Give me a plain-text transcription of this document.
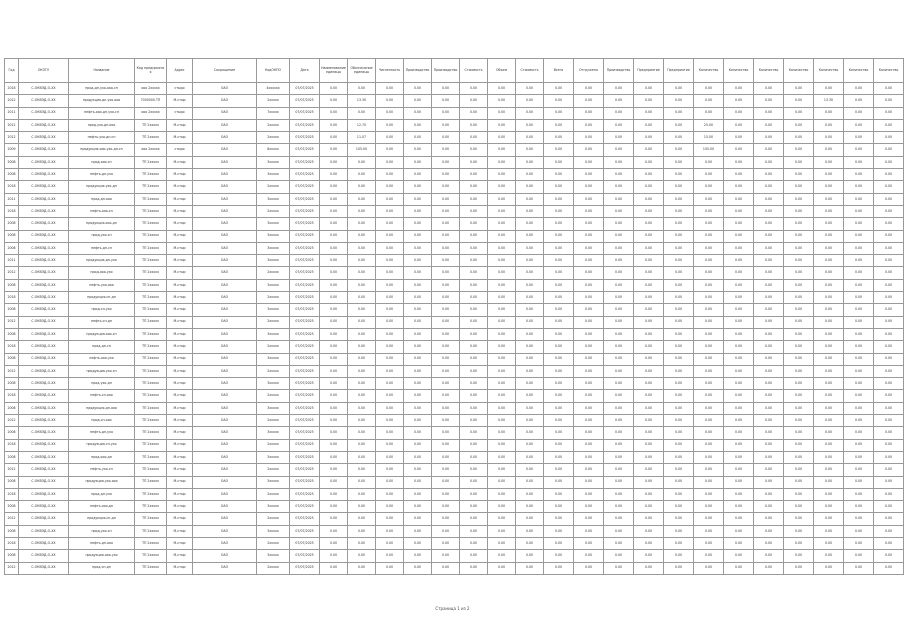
Год	ОКОГУ	Название	Код предприятия	Адрес	Сокращение	КодОКПО	Дата	Наименование единицы	Обозначение единицы	Численность	Производство	Производство	Стоимость	Объем	Стоимость	Всего	Отгружено	Производство	Предприятие	Предприятие	Количество	Количество	Количество	Количество	Количество	Количество	Количество
2018	С-ОКВЭД-О-ХХ	прод-дн-ухо-ооо-сп	ооо 2ххххх	стыро	ОАО	4хххххх	07/07/2025	0.00	0.00	0.00	0.00	0.00	0.00	0.00	0.00	0.00	0.00	0.00	0.00	0.00	0.00	0.00	0.00	0.00	0.00	0.00	0.00
2012	С-ОКВЭД-О-ХХ	продукция-дн-ухо-ооо	7000000-ТП	М-стыр	ОАО	2ххххх	07/07/2025	0.00	13.30	0.00	0.00	0.00	0.00	0.00	0.00	0.00	0.00	0.00	0.00	0.00	0.00	0.00	0.00	0.00	13.30	0.00	0.00
2011	С-ОКВЭД-О-ХХ	нефть-ооо-дн-ухо-сп	ооо 2ххххх	стыро	ОАО	7ххххх	07/07/2025	0.00	0.00	0.00	0.00	0.00	0.00	0.00	0.00	0.00	0.00	0.00	0.00	0.00	0.00	0.00	0.00	0.00	0.00	0.00	0.00
2012	С-ОКВЭД-О-ХХ	прод-ухо-дн-ооо	ТП 2ххххх	М-стыр	ОАО	2ххххх	07/07/2025	0.00	12.70	0.00	0.00	0.00	0.00	0.00	0.00	0.00	0.00	0.00	0.00	0.00	25.00	0.00	0.00	0.00	0.00	0.00	0.00
2012	С-ОКВЭД-О-ХХ	нефть-ухо-дн-сп	ТП 2ххххх	М-стыр	ОАО	2ххххх	07/07/2025	0.00	11.07	0.00	0.00	0.00	0.00	0.00	0.00	0.00	0.00	0.00	0.00	0.00	15.00	0.00	0.00	0.00	0.00	0.00	0.00
2009	С-ОКВЭД-О-ХХ	продукция-ооо-ухо-дн-сп	ооо 2ххххх	стыро	ОАО	8ххххх	07/07/2025	0.00	105.00	0.00	0.00	0.00	0.00	0.00	0.00	0.00	0.00	0.00	0.00	0.00	105.00	0.00	0.00	0.00	0.00	0.00	0.00
2008	С-ОКВЭД-О-ХХ	прод-ооо-сп	ТП 2ххххх	М-стыр	ОАО	3ххххх	07/07/2025	0.00	0.00	0.00	0.00	0.00	0.00	0.00	0.00	0.00	0.00	0.00	0.00	0.00	0.00	0.00	0.00	0.00	0.00	0.00	0.00
2008	С-ОКВЭД-О-ХХ	нефть-дн-ухо	ТП 2ххххх	М-стыр	ОАО	3ххххх	07/07/2025	0.00	0.00	0.00	0.00	0.00	0.00	0.00	0.00	0.00	0.00	0.00	0.00	0.00	0.00	0.00	0.00	0.00	0.00	0.00	0.00
2018	С-ОКВЭД-О-ХХ	продукция-ухо-дн	ТП 2ххххх	М-стыр	ОАО	2ххххх	07/07/2025	0.00	0.00	0.00	0.00	0.00	0.00	0.00	0.00	0.00	0.00	0.00	0.00	0.00	0.00	0.00	0.00	0.00	0.00	0.00	0.00
2011	С-ОКВЭД-О-ХХ	прод-дн-ооо	ТП 2ххххх	М-стыр	ОАО	3ххххх	07/07/2025	0.00	0.00	0.00	0.00	0.00	0.00	0.00	0.00	0.00	0.00	0.00	0.00	0.00	0.00	0.00	0.00	0.00	0.00	0.00	0.00
2018	С-ОКВЭД-О-ХХ	нефть-ооо-сп	ТП 2ххххх	М-стыр	ОАО	2ххххх	07/07/2025	0.00	0.00	0.00	0.00	0.00	0.00	0.00	0.00	0.00	0.00	0.00	0.00	0.00	0.00	0.00	0.00	0.00	0.00	0.00	0.00
2008	С-ОКВЭД-О-ХХ	продукция-ооо-дн	ТП 2ххххх	М-стыр	ОАО	3ххххх	07/07/2025	0.00	0.00	0.00	0.00	0.00	0.00	0.00	0.00	0.00	0.00	0.00	0.00	0.00	0.00	0.00	0.00	0.00	0.00	0.00	0.00
2008	С-ОКВЭД-О-ХХ	прод-ухо-сп	ТП 2ххххх	М-стыр	ОАО	3ххххх	07/07/2025	0.00	0.00	0.00	0.00	0.00	0.00	0.00	0.00	0.00	0.00	0.00	0.00	0.00	0.00	0.00	0.00	0.00	0.00	0.00	0.00
2008	С-ОКВЭД-О-ХХ	нефть-дн-сп	ТП 2ххххх	М-стыр	ОАО	3ххххх	07/07/2025	0.00	0.00	0.00	0.00	0.00	0.00	0.00	0.00	0.00	0.00	0.00	0.00	0.00	0.00	0.00	0.00	0.00	0.00	0.00	0.00
2011	С-ОКВЭД-О-ХХ	продукция-дн-ухо	ТП 2ххххх	М-стыр	ОАО	3ххххх	07/07/2025	0.00	0.00	0.00	0.00	0.00	0.00	0.00	0.00	0.00	0.00	0.00	0.00	0.00	0.00	0.00	0.00	0.00	0.00	0.00	0.00
2012	С-ОКВЭД-О-ХХ	прод-ооо-ухо	ТП 2ххххх	М-стыр	ОАО	2ххххх	07/07/2025	0.00	0.00	0.00	0.00	0.00	0.00	0.00	0.00	0.00	0.00	0.00	0.00	0.00	0.00	0.00	0.00	0.00	0.00	0.00	0.00
2008	С-ОКВЭД-О-ХХ	нефть-ухо-ооо	ТП 2ххххх	М-стыр	ОАО	3ххххх	07/07/2025	0.00	0.00	0.00	0.00	0.00	0.00	0.00	0.00	0.00	0.00	0.00	0.00	0.00	0.00	0.00	0.00	0.00	0.00	0.00	0.00
2018	С-ОКВЭД-О-ХХ	продукция-сп-дн	ТП 2ххххх	М-стыр	ОАО	2ххххх	07/07/2025	0.00	0.00	0.00	0.00	0.00	0.00	0.00	0.00	0.00	0.00	0.00	0.00	0.00	0.00	0.00	0.00	0.00	0.00	0.00	0.00
2008	С-ОКВЭД-О-ХХ	прод-сп-ухо	ТП 2ххххх	М-стыр	ОАО	3ххххх	07/07/2025	0.00	0.00	0.00	0.00	0.00	0.00	0.00	0.00	0.00	0.00	0.00	0.00	0.00	0.00	0.00	0.00	0.00	0.00	0.00	0.00
2012	С-ОКВЭД-О-ХХ	нефть-сп-дн	ТП 2ххххх	М-стыр	ОАО	2ххххх	07/07/2025	0.00	0.00	0.00	0.00	0.00	0.00	0.00	0.00	0.00	0.00	0.00	0.00	0.00	0.00	0.00	0.00	0.00	0.00	0.00	0.00
2008	С-ОКВЭД-О-ХХ	продукция-ооо-сп	ТП 2ххххх	М-стыр	ОАО	3ххххх	07/07/2025	0.00	0.00	0.00	0.00	0.00	0.00	0.00	0.00	0.00	0.00	0.00	0.00	0.00	0.00	0.00	0.00	0.00	0.00	0.00	0.00
2018	С-ОКВЭД-О-ХХ	прод-дн-сп	ТП 2ххххх	М-стыр	ОАО	2ххххх	07/07/2025	0.00	0.00	0.00	0.00	0.00	0.00	0.00	0.00	0.00	0.00	0.00	0.00	0.00	0.00	0.00	0.00	0.00	0.00	0.00	0.00
2008	С-ОКВЭД-О-ХХ	нефть-ооо-ухо	ТП 2ххххх	М-стыр	ОАО	3ххххх	07/07/2025	0.00	0.00	0.00	0.00	0.00	0.00	0.00	0.00	0.00	0.00	0.00	0.00	0.00	0.00	0.00	0.00	0.00	0.00	0.00	0.00
2012	С-ОКВЭД-О-ХХ	продукция-ухо-сп	ТП 2ххххх	М-стыр	ОАО	2ххххх	07/07/2025	0.00	0.00	0.00	0.00	0.00	0.00	0.00	0.00	0.00	0.00	0.00	0.00	0.00	0.00	0.00	0.00	0.00	0.00	0.00	0.00
2008	С-ОКВЭД-О-ХХ	прод-ухо-дн	ТП 2ххххх	М-стыр	ОАО	3ххххх	07/07/2025	0.00	0.00	0.00	0.00	0.00	0.00	0.00	0.00	0.00	0.00	0.00	0.00	0.00	0.00	0.00	0.00	0.00	0.00	0.00	0.00
2018	С-ОКВЭД-О-ХХ	нефть-сп-ооо	ТП 2ххххх	М-стыр	ОАО	2ххххх	07/07/2025	0.00	0.00	0.00	0.00	0.00	0.00	0.00	0.00	0.00	0.00	0.00	0.00	0.00	0.00	0.00	0.00	0.00	0.00	0.00	0.00
2008	С-ОКВЭД-О-ХХ	продукция-дн-ооо	ТП 2ххххх	М-стыр	ОАО	3ххххх	07/07/2025	0.00	0.00	0.00	0.00	0.00	0.00	0.00	0.00	0.00	0.00	0.00	0.00	0.00	0.00	0.00	0.00	0.00	0.00	0.00	0.00
2012	С-ОКВЭД-О-ХХ	прод-сп-ооо	ТП 2ххххх	М-стыр	ОАО	2ххххх	07/07/2025	0.00	0.00	0.00	0.00	0.00	0.00	0.00	0.00	0.00	0.00	0.00	0.00	0.00	0.00	0.00	0.00	0.00	0.00	0.00	0.00
2008	С-ОКВЭД-О-ХХ	нефть-дн-ухо	ТП 2ххххх	М-стыр	ОАО	3ххххх	07/07/2025	0.00	0.00	0.00	0.00	0.00	0.00	0.00	0.00	0.00	0.00	0.00	0.00	0.00	0.00	0.00	0.00	0.00	0.00	0.00	0.00
2018	С-ОКВЭД-О-ХХ	продукция-сп-ухо	ТП 2ххххх	М-стыр	ОАО	2ххххх	07/07/2025	0.00	0.00	0.00	0.00	0.00	0.00	0.00	0.00	0.00	0.00	0.00	0.00	0.00	0.00	0.00	0.00	0.00	0.00	0.00	0.00
2008	С-ОКВЭД-О-ХХ	прод-ооо-дн	ТП 2ххххх	М-стыр	ОАО	3ххххх	07/07/2025	0.00	0.00	0.00	0.00	0.00	0.00	0.00	0.00	0.00	0.00	0.00	0.00	0.00	0.00	0.00	0.00	0.00	0.00	0.00	0.00
2012	С-ОКВЭД-О-ХХ	нефть-ухо-сп	ТП 2ххххх	М-стыр	ОАО	2ххххх	07/07/2025	0.00	0.00	0.00	0.00	0.00	0.00	0.00	0.00	0.00	0.00	0.00	0.00	0.00	0.00	0.00	0.00	0.00	0.00	0.00	0.00
2008	С-ОКВЭД-О-ХХ	продукция-ухо-ооо	ТП 2ххххх	М-стыр	ОАО	3ххххх	07/07/2025	0.00	0.00	0.00	0.00	0.00	0.00	0.00	0.00	0.00	0.00	0.00	0.00	0.00	0.00	0.00	0.00	0.00	0.00	0.00	0.00
2018	С-ОКВЭД-О-ХХ	прод-дн-ухо	ТП 2ххххх	М-стыр	ОАО	2ххххх	07/07/2025	0.00	0.00	0.00	0.00	0.00	0.00	0.00	0.00	0.00	0.00	0.00	0.00	0.00	0.00	0.00	0.00	0.00	0.00	0.00	0.00
2008	С-ОКВЭД-О-ХХ	нефть-ооо-дн	ТП 2ххххх	М-стыр	ОАО	3ххххх	07/07/2025	0.00	0.00	0.00	0.00	0.00	0.00	0.00	0.00	0.00	0.00	0.00	0.00	0.00	0.00	0.00	0.00	0.00	0.00	0.00	0.00
2012	С-ОКВЭД-О-ХХ	продукция-сп-дн	ТП 2ххххх	М-стыр	ОАО	2ххххх	07/07/2025	0.00	0.00	0.00	0.00	0.00	0.00	0.00	0.00	0.00	0.00	0.00	0.00	0.00	0.00	0.00	0.00	0.00	0.00	0.00	0.00
2008	С-ОКВЭД-О-ХХ	прод-ухо-сп	ТП 2ххххх	М-стыр	ОАО	3ххххх	07/07/2025	0.00	0.00	0.00	0.00	0.00	0.00	0.00	0.00	0.00	0.00	0.00	0.00	0.00	0.00	0.00	0.00	0.00	0.00	0.00	0.00
2018	С-ОКВЭД-О-ХХ	нефть-дн-ооо	ТП 2ххххх	М-стыр	ОАО	2ххххх	07/07/2025	0.00	0.00	0.00	0.00	0.00	0.00	0.00	0.00	0.00	0.00	0.00	0.00	0.00	0.00	0.00	0.00	0.00	0.00	0.00	0.00
2008	С-ОКВЭД-О-ХХ	продукция-ооо-ухо	ТП 2ххххх	М-стыр	ОАО	3ххххх	07/07/2025	0.00	0.00	0.00	0.00	0.00	0.00	0.00	0.00	0.00	0.00	0.00	0.00	0.00	0.00	0.00	0.00	0.00	0.00	0.00	0.00
2012	С-ОКВЭД-О-ХХ	прод-сп-дн	ТП 2ххххх	М-стыр	ОАО	2ххххх	07/07/2025	0.00	0.00	0.00	0.00	0.00	0.00	0.00	0.00	0.00	0.00	0.00	0.00	0.00	0.00	0.00	0.00	0.00	0.00	0.00	0.00
Страница 1 из 2
